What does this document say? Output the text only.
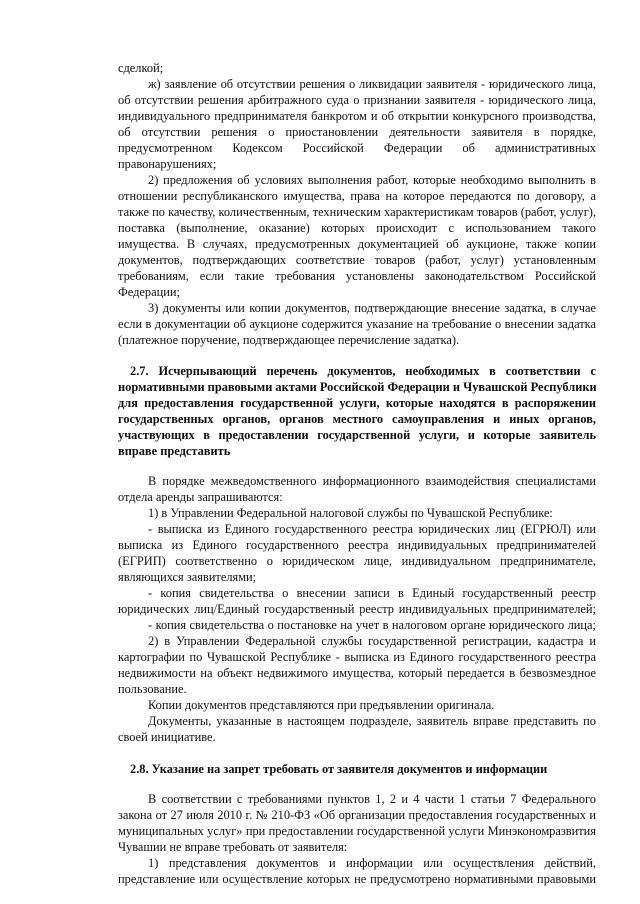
сделкой;
ж) заявление об отсутствии решения о ликвидации заявителя - юридического лица,
об отсутствии решения арбитражного суда о признании заявителя - юридического лица,
индивидуального предпринимателя банкротом и об открытии конкурсного производства,
об отсутствии решения о приостановлении деятельности заявителя в порядке,
предусмотренном Кодексом Российской Федерации об административных
правонарушениях;
2) предложения об условиях выполнения работ, которые необходимо выполнить в
отношении республиканского имущества, права на которое передаются по договору, а
также по качеству, количественным, техническим характеристикам товаров (работ, услуг),
поставка (выполнение, оказание) которых происходит с использованием такого
имущества. В случаях, предусмотренных документацией об аукционе, также копии
документов, подтверждающих соответствие товаров (работ, услуг) установленным
требованиям, если такие требования установлены законодательством Российской
Федерации;
3) документы или копии документов, подтверждающие внесение задатка, в случае
если в документации об аукционе содержится указание на требование о внесении задатка
(платежное поручение, подтверждающее перечисление задатка).
2.7. Исчерпывающий перечень документов, необходимых в соответствии с
нормативными правовыми актами Российской Федерации и Чувашской Республики
для предоставления государственной услуги, которые находятся в распоряжении
государственных органов, органов местного самоуправления и иных органов,
участвующих в предоставлении государственной услуги, и которые заявитель
вправе представить
В порядке межведомственного информационного взаимодействия специалистами
отдела аренды запрашиваются:
1) в Управлении Федеральной налоговой службы по Чувашской Республике:
- выписка из Единого государственного реестра юридических лиц (ЕГРЮЛ) или
выписка из Единого государственного реестра индивидуальных предпринимателей
(ЕГРИП) соответственно о юридическом лице, индивидуальном предпринимателе,
являющихся заявителями;
- копия свидетельства о внесении записи в Единый государственный реестр
юридических лиц/Единый государственный реестр индивидуальных предпринимателей;
- копия свидетельства о постановке на учет в налоговом органе юридического лица;
2) в Управлении Федеральной службы государственной регистрации, кадастра и
картографии по Чувашской Республике - выписка из Единого государственного реестра
недвижимости на объект недвижимого имущества, который передается в безвозмездное
пользование.
Копии документов представляются при предъявлении оригинала.
Документы, указанные в настоящем подразделе, заявитель вправе представить по
своей инициативе.
2.8. Указание на запрет требовать от заявителя документов и информации
В соответствии с требованиями пунктов 1, 2 и 4 части 1 статьи 7 Федерального
закона от 27 июля 2010 г. № 210-ФЗ «Об организации предоставления государственных и
муниципальных услуг» при предоставлении государственной услуги Минэкономразвития
Чувашии не вправе требовать от заявителя:
1) представления документов и информации или осуществления действий,
представление или осуществление которых не предусмотрено нормативными правовыми
